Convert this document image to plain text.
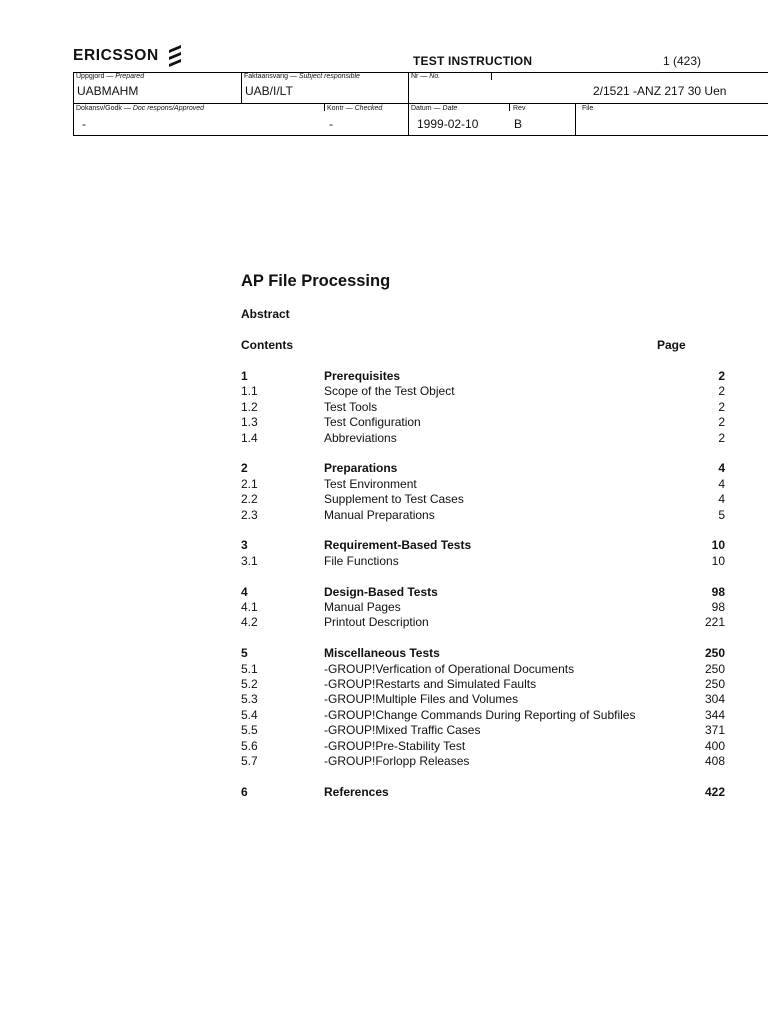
ERICSSON	TEST INSTRUCTION	1 (423)
Uppgjord — Prepared
UABMAHM
Faktaansvarig — Subject responsible
UAB/I/LT
Nr — No.
2/1521 -ANZ 217 30 Uen
Dokansv/Godk — Doc respons/Approved
-
Kontr — Checked
-
Datum — Date
1999-02-10
Rev
B
File
AP File Processing
Abstract
Contents	Page
1	Prerequisites	2
1.1	Scope of the Test Object	2
1.2	Test Tools	2
1.3	Test Configuration	2
1.4	Abbreviations	2
2	Preparations	4
2.1	Test Environment	4
2.2	Supplement to Test Cases	4
2.3	Manual Preparations	5
3	Requirement-Based Tests	10
3.1	File Functions	10
4	Design-Based Tests	98
4.1	Manual Pages	98
4.2	Printout Description	221
5	Miscellaneous Tests	250
5.1	-GROUP!Verfication of Operational Documents	250
5.2	-GROUP!Restarts and Simulated Faults	250
5.3	-GROUP!Multiple Files and Volumes	304
5.4	-GROUP!Change Commands During Reporting of Subfiles	344
5.5	-GROUP!Mixed Traffic Cases	371
5.6	-GROUP!Pre-Stability Test	400
5.7	-GROUP!Forlopp Releases	408
6	References	422
